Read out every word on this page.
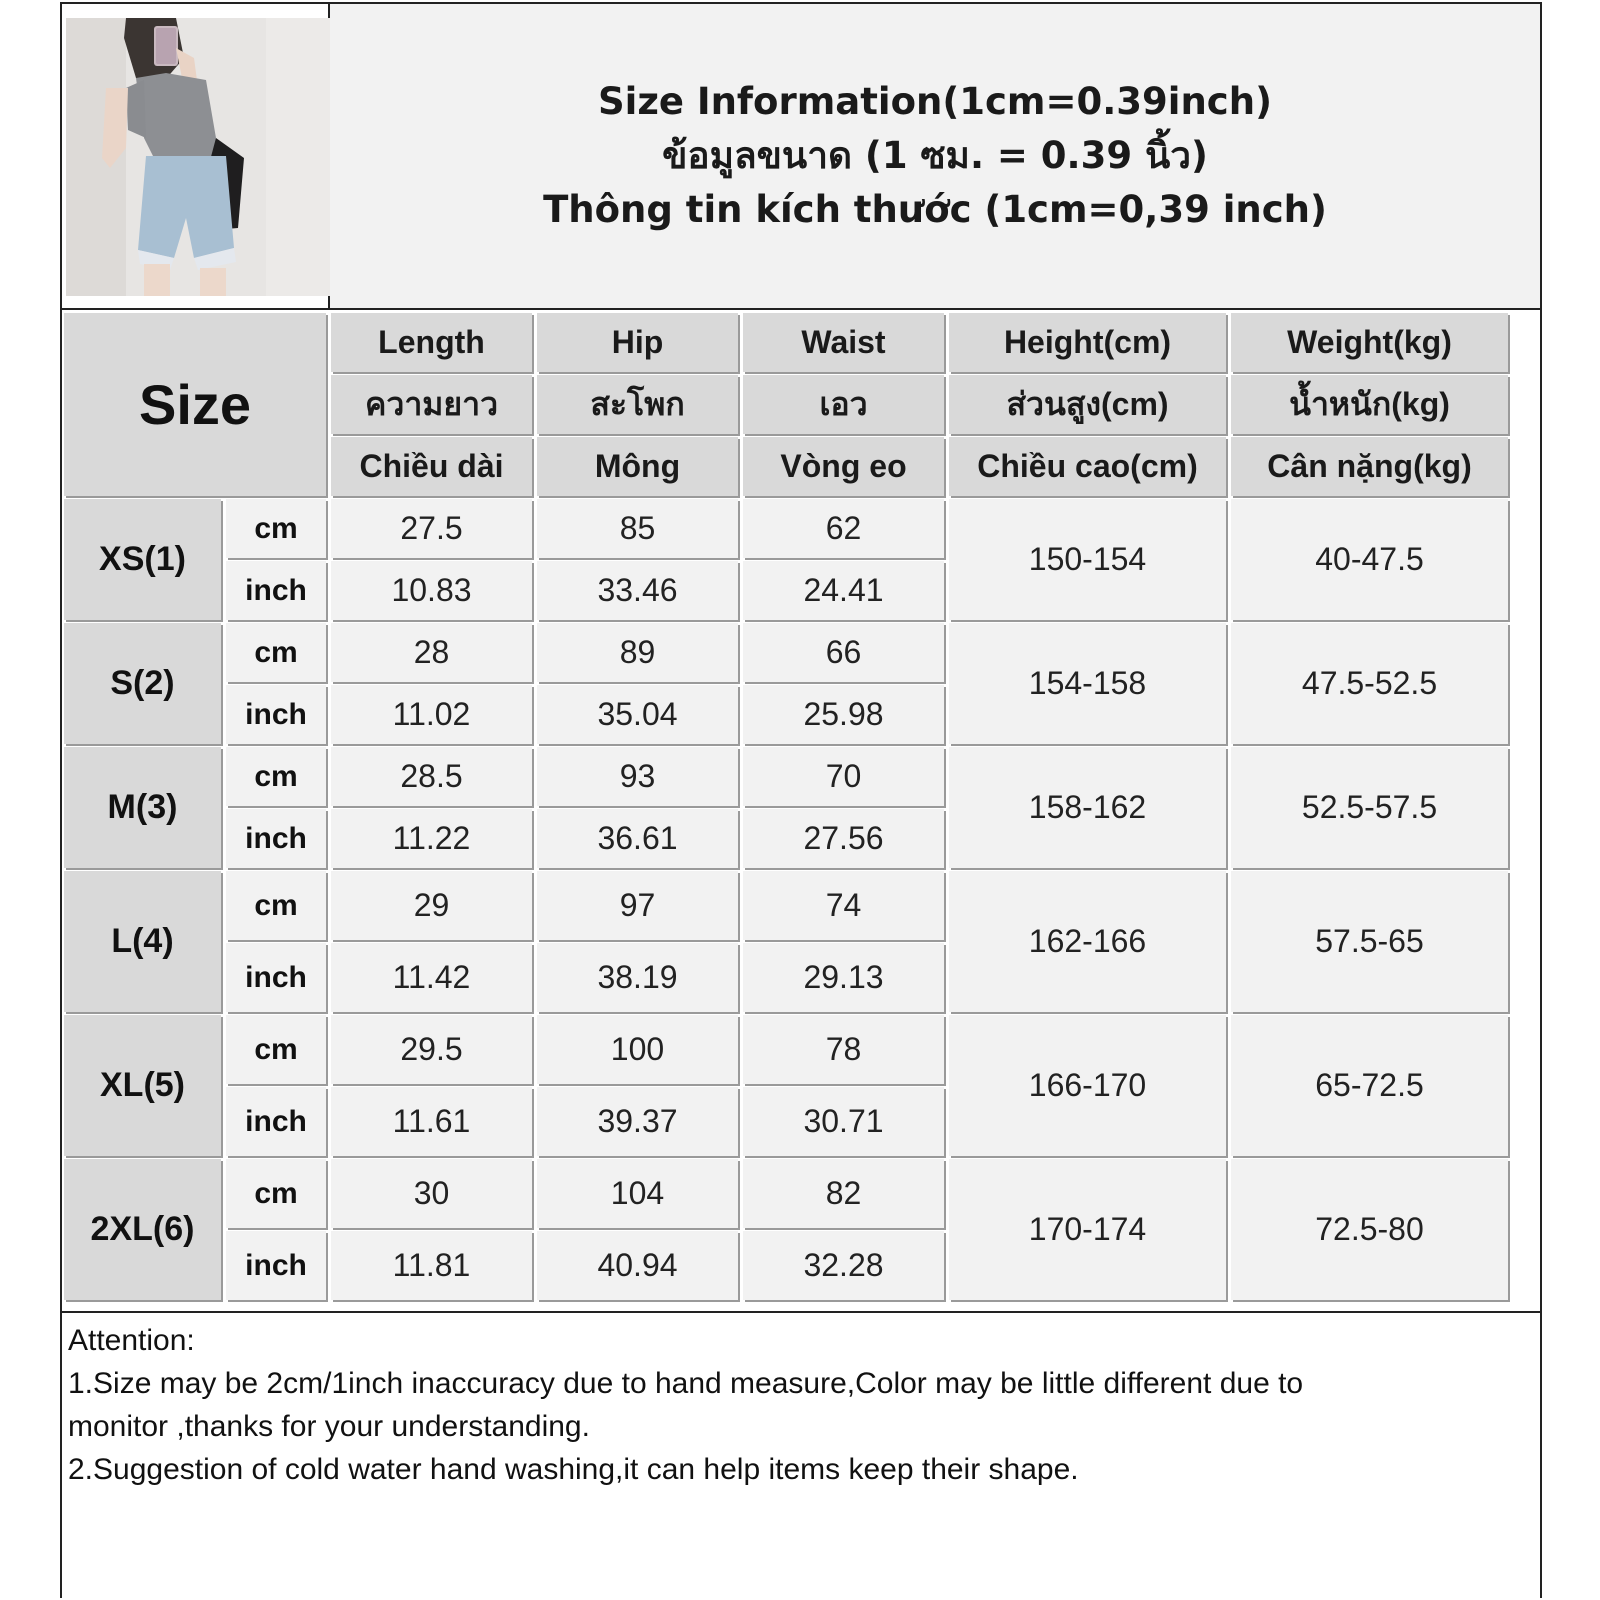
Size Information(1cm=0.39inch)
ข้อมูลขนาด (1 ซม. = 0.39 นิ้ว)
Thông tin kích thước (1cm=0,39 inch)
Size		Length	Hip	Waist	Height(cm)	Weight(kg)
		ความยาว	สะโพก	เอว	ส่วนสูง(cm)	น้ำหนัก(kg)
		Chiều dài	Mông	Vòng eo	Chiều cao(cm)	Cân nặng(kg)
XS(1)	cm	27.5	85	62	150-154	40-47.5
	inch	10.83	33.46	24.41		
S(2)	cm	28	89	66	154-158	47.5-52.5
	inch	11.02	35.04	25.98		
M(3)	cm	28.5	93	70	158-162	52.5-57.5
	inch	11.22	36.61	27.56		
L(4)	cm	29	97	74	162-166	57.5-65
	inch	11.42	38.19	29.13		
XL(5)	cm	29.5	100	78	166-170	65-72.5
	inch	11.61	39.37	30.71		
2XL(6)	cm	30	104	82	170-174	72.5-80
	inch	11.81	40.94	32.28		
Attention:
1.Size may be 2cm/1inch inaccuracy due to hand measure,Color may be little different due to
monitor ,thanks for your understanding.
2.Suggestion of cold water hand washing,it can help items keep their shape.
